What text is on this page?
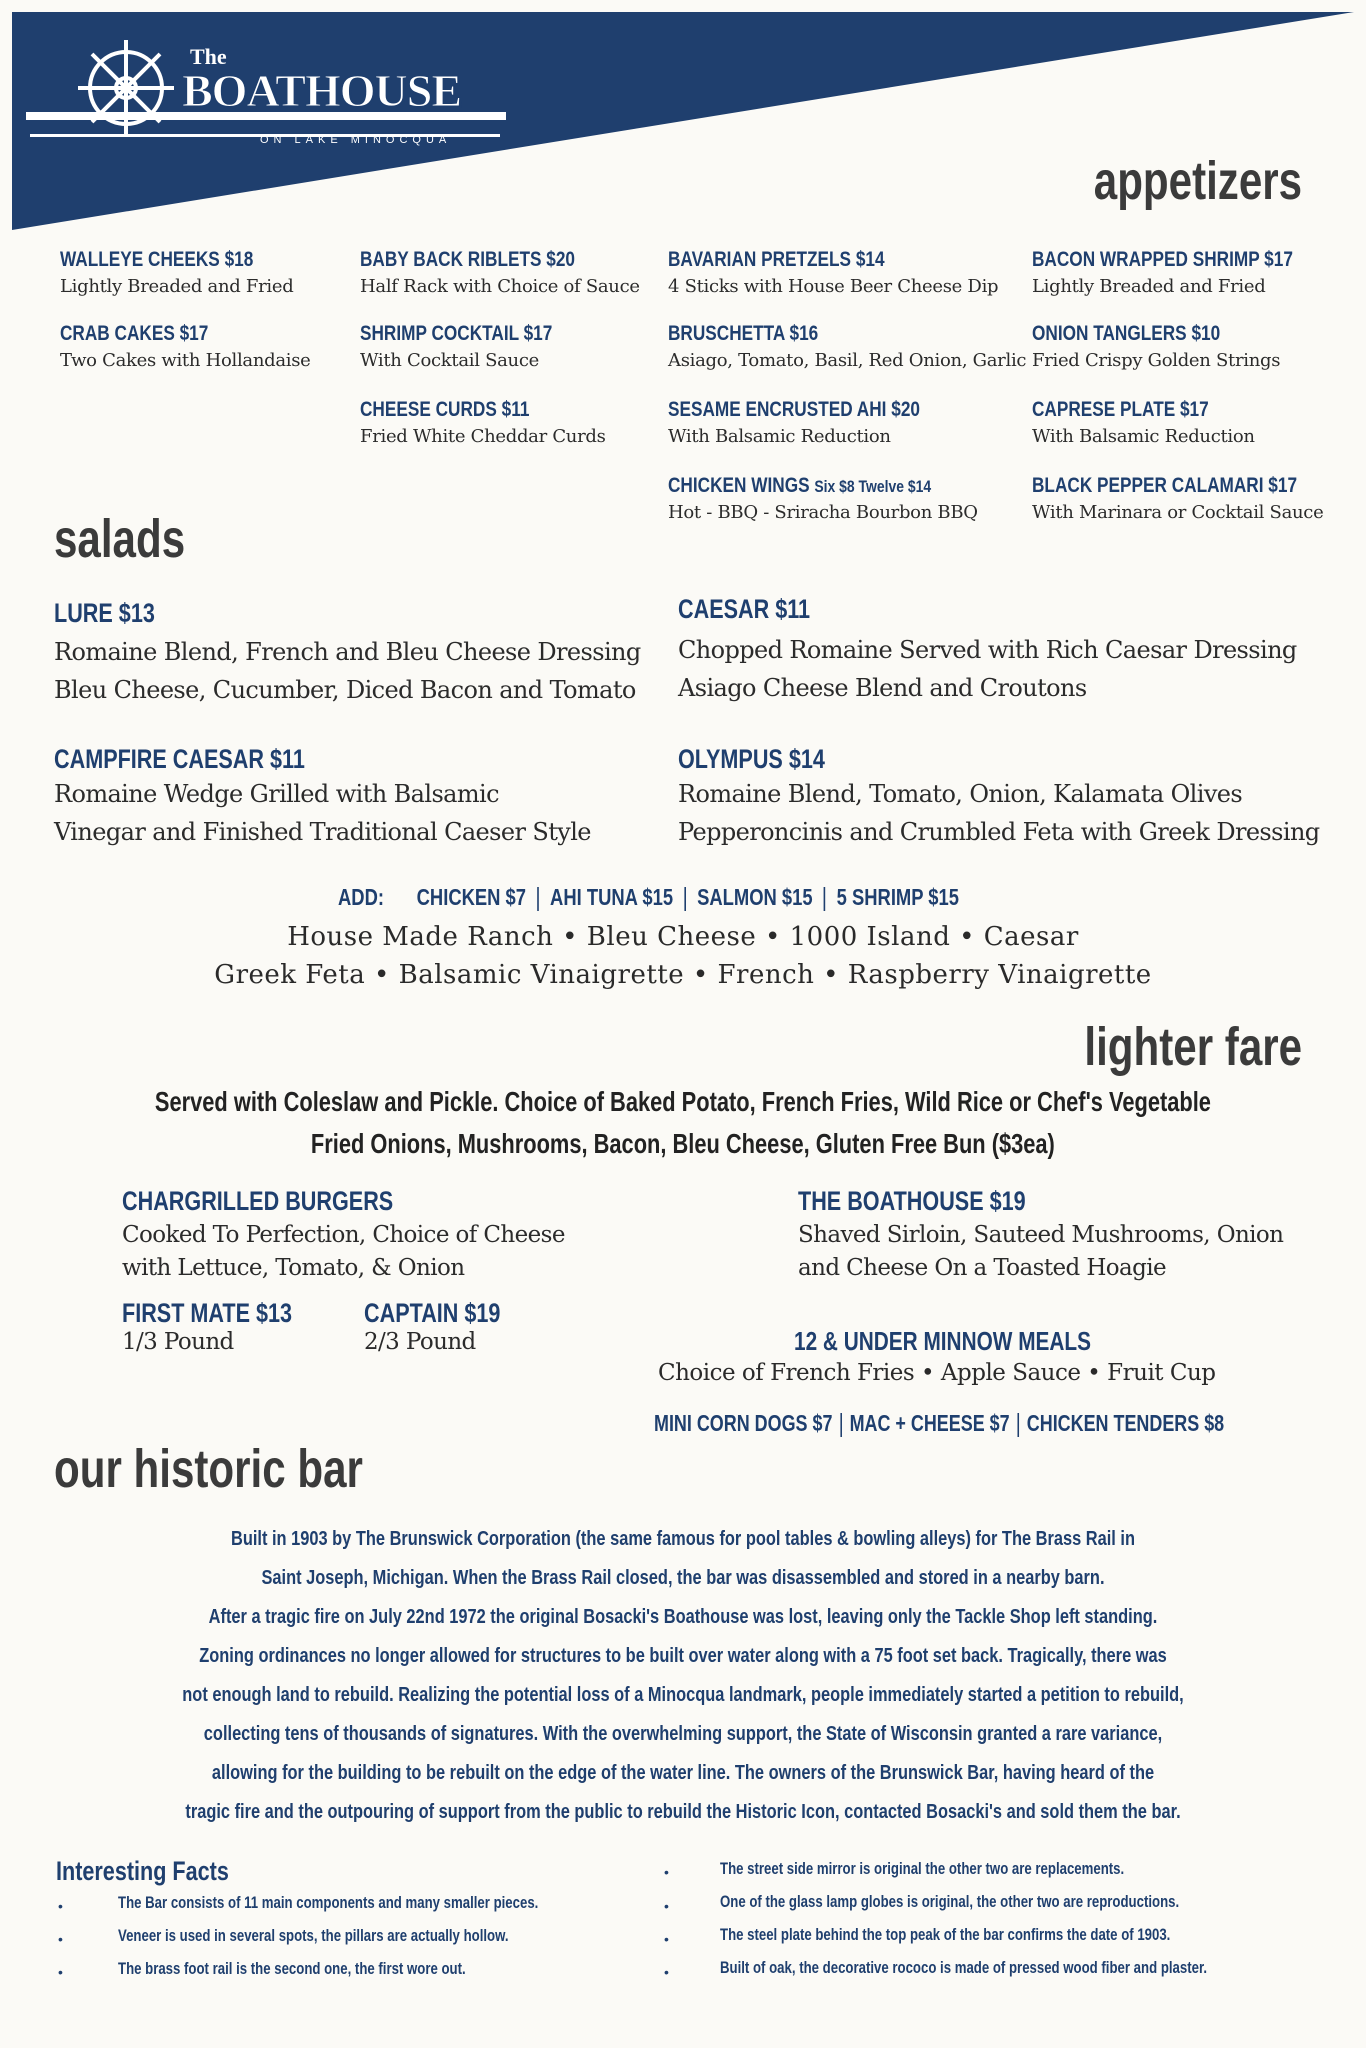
The
BOATHOUSE
ON LAKE MINOCQUA
appetizers
WALLEYE CHEEKS $18
Lightly Breaded and Fried
CRAB CAKES $17
Two Cakes with Hollandaise
BABY BACK RIBLETS $20
Half Rack with Choice of Sauce
SHRIMP COCKTAIL $17
With Cocktail Sauce
CHEESE CURDS $11
Fried White Cheddar Curds
BAVARIAN PRETZELS $14
4 Sticks with House Beer Cheese Dip
BRUSCHETTA $16
Asiago, Tomato, Basil, Red Onion, Garlic
SESAME ENCRUSTED AHI $20
With Balsamic Reduction
CHICKEN WINGS Six $8 Twelve $14
Hot - BBQ - Sriracha Bourbon BBQ
BACON WRAPPED SHRIMP $17
Lightly Breaded and Fried
ONION TANGLERS $10
Fried Crispy Golden Strings
CAPRESE PLATE $17
With Balsamic Reduction
BLACK PEPPER CALAMARI $17
With Marinara or Cocktail Sauce
salads
LURE $13
Romaine Blend, French and Bleu Cheese Dressing
Bleu Cheese, Cucumber, Diced Bacon and Tomato
CAESAR $11
Chopped Romaine Served with Rich Caesar Dressing
Asiago Cheese Blend and Croutons
CAMPFIRE CAESAR $11
Romaine Wedge Grilled with Balsamic
Vinegar and Finished Traditional Caeser Style
OLYMPUS $14
Romaine Blend, Tomato, Onion, Kalamata Olives
Pepperoncinis and Crumbled Feta with Greek Dressing
ADD: CHICKEN $7 AHI TUNA $15 SALMON $15 5 SHRIMP $15
House Made Ranch • Bleu Cheese • 1000 Island • Caesar
Greek Feta • Balsamic Vinaigrette • French • Raspberry Vinaigrette
lighter fare
Served with Coleslaw and Pickle. Choice of Baked Potato, French Fries, Wild Rice or Chef's Vegetable
Fried Onions, Mushrooms, Bacon, Bleu Cheese, Gluten Free Bun ($3ea)
CHARGRILLED BURGERS
Cooked To Perfection, Choice of Cheese
with Lettuce, Tomato, & Onion
FIRST MATE $13
1/3 Pound
CAPTAIN $19
2/3 Pound
THE BOATHOUSE $19
Shaved Sirloin, Sauteed Mushrooms, Onion
and Cheese On a Toasted Hoagie
12 & UNDER MINNOW MEALS
Choice of French Fries • Apple Sauce • Fruit Cup
MINI CORN DOGS $7 MAC + CHEESE $7 CHICKEN TENDERS $8
our historic bar
Built in 1903 by The Brunswick Corporation (the same famous for pool tables & bowling alleys) for The Brass Rail in
Saint Joseph, Michigan. When the Brass Rail closed, the bar was disassembled and stored in a nearby barn.
After a tragic fire on July 22nd 1972 the original Bosacki's Boathouse was lost, leaving only the Tackle Shop left standing.
Zoning ordinances no longer allowed for structures to be built over water along with a 75 foot set back. Tragically, there was
not enough land to rebuild. Realizing the potential loss of a Minocqua landmark, people immediately started a petition to rebuild,
collecting tens of thousands of signatures. With the overwhelming support, the State of Wisconsin granted a rare variance,
allowing for the building to be rebuilt on the edge of the water line. The owners of the Brunswick Bar, having heard of the
tragic fire and the outpouring of support from the public to rebuild the Historic Icon, contacted Bosacki's and sold them the bar.
Interesting Facts
•
•
•
The Bar consists of 11 main components and many smaller pieces.
Veneer is used in several spots, the pillars are actually hollow.
The brass foot rail is the second one, the first wore out.
•
•
•
•
The street side mirror is original the other two are replacements.
One of the glass lamp globes is original, the other two are reproductions.
The steel plate behind the top peak of the bar confirms the date of 1903.
Built of oak, the decorative rococo is made of pressed wood fiber and plaster.
